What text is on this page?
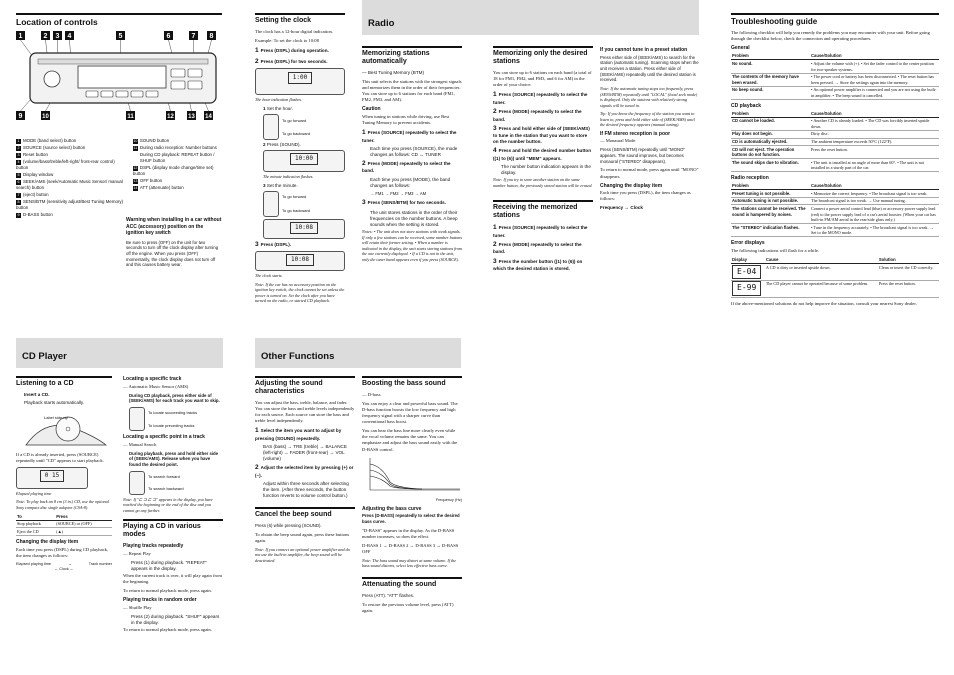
Location of controls
1	2 3 4	5	6	7 8
9	10	11	12 13 14
1 MODE (band select) button
2 SOURCE (source select) button
3 Reset button
4 (volume/bass/treble/left-right/ front-rear control) button
5 Display window
6 SEEK/AMS (seek/Automatic Music Sensor/ manual search) button
7 (eject) button
8 SENS/BTM (sensitivity adjust/Best Tuning Memory) button
9 D-BASS button
10 SOUND button
11 During radio reception: Number buttons
During CD playback: REPEAT button / SHUF button
12 DSPL (display mode change/time set) button
13 OFF button
14 ATT (attenuate) button
Setting the clock

The clock has a 12-hour digital indication.

Example: To set the clock to 10:08

1 Press (DSPL) during operation.
2 Press (DSPL) for two seconds.
1:00

The hour indication flashes.

1 Set the hour.
To go forward
To go backward
2 Press (SOUND).
10:00

The minute indication flashes.

3 Set the minute.
To go forward
To go backward
10:08
3 Press (DSPL).
10:08

The clock starts.

Note: If the car has no accessory position on the ignition key switch, the clock cannot be set unless the power is turned on. Set the clock after you have turned on the radio, or started CD playback.

Warning when installing in a car without ACC (accessory) position on the ignition key switch

Be sure to press (OFF) on the unit for two seconds to turn off the clock display after turning off the engine. When you press (OFF) momentarily, the clock display does not turn off and this causes battery wear.

Radio
Memorizing stations automatically

— Best Tuning Memory (BTM)

This unit selects the stations with the strongest signals and memorizes them in the order of their frequencies. You can store up to 6 stations for each band (FM1, FM2, FM3, and AM).

Caution

When tuning in stations while driving, use Best Tuning Memory to prevent accidents.

1 Press (SOURCE) repeatedly to select the tuner.

Each time you press (SOURCE), the mode changes as follows: CD ↔ TUNER

2 Press (MODE) repeatedly to select the band.

Each time you press (MODE), the band changes as follows:

→ FM1 → FM2 → FM3 → AM
3 Press (SENS/BTM) for two seconds.

The unit stores stations in the order of their frequencies on the number buttons. A beep sounds when the setting is stored.

Notes: • The unit does not store stations with weak signals. If only a few stations can be received, some number buttons will retain their former setting. • When a number is indicated in the display, the unit starts storing stations from the one currently displayed. • If a CD is not in the unit, only the tuner band appears even if you press (SOURCE).

Memorizing only the desired stations

You can store up to 6 stations on each band (a total of 18 for FM1, FM2, and FM3, and 6 for AM) in the order of your choice.

1 Press (SOURCE) repeatedly to select the tuner.
2 Press (MODE) repeatedly to select the band.
3 Press and hold either side of (SEEK/AMS) to tune in the station that you want to store on the number button.
4 Press and hold the desired number button ((1) to (6)) until "MEM" appears.

The number button indication appears in the display.

Note: If you try to store another station on the same number button, the previously stored station will be erased.

Receiving the memorized stations
1 Press (SOURCE) repeatedly to select the tuner.
2 Press (MODE) repeatedly to select the band.
3 Press the number button ((1) to (6)) on which the desired station is stored.
If you cannot tune in a preset station

Press either side of (SEEK/AMS) to search for the station (automatic tuning). Scanning stops when the unit receives a station. Press either side of (SEEK/AMS) repeatedly until the desired station is received.

Note: If the automatic tuning stops too frequently, press (SENS/BTM) repeatedly until "LOCAL" (local seek mode) is displayed. Only the stations with relatively strong signals will be tuned in.

Tip: If you know the frequency of the station you want to listen to, press and hold either side of (SEEK/AMS) until the desired frequency appears (manual tuning).

If FM stereo reception is poor

— Monaural Mode

Press (SENS/BTM) repeatedly until "MONO" appears. The sound improves, but becomes monaural ("STEREO" disappears).

To return to normal mode, press again until "MONO" disappears.

Changing the display item

Each time you press (DSPL), the item changes as follows:

Frequency ↔ Clock

Troubleshooting guide

The following checklist will help you remedy the problems you may encounter with your unit. Before going through the checklist below, check the connection and operating procedures.

General
Problem	Cause/Solution
No sound.	• Adjust the volume with (+). • Set the fader control to the center position for two-speaker systems.
The contents of the memory have been erased.	• The power cord or battery has been disconnected. • The reset button has been pressed. → Store the settings again into the memory.
No beep sound.	• An optional power amplifier is connected and you are not using the built-in amplifier. • The beep sound is cancelled.
CD playback
Problem	Cause/Solution
CD cannot be loaded.	• Another CD is already loaded. • The CD was forcibly inserted upside down.
Play does not begin.	Dirty disc.
CD is automatically ejected.	The ambient temperature exceeds 50°C (122°F).
CD will not eject. The operation buttons do not function.	Press the reset button.
The sound skips due to vibration.	• The unit is installed at an angle of more than 60°. • The unit is not installed in a sturdy part of the car.
Radio reception
Problem	Cause/Solution
Preset tuning is not possible.	• Memorize the correct frequency. • The broadcast signal is too weak.
Automatic tuning is not possible.	The broadcast signal is too weak. → Use manual tuning.
The stations cannot be received. The sound is hampered by noises.	Connect a power aerial control lead (blue) or accessory power supply lead (red) to the power supply lead of a car's aerial booster. (When your car has built-in FM/AM aerial in the rear/side glass only.)
The "STEREO" indication flashes.	• Tune in the frequency accurately. • The broadcast signal is too weak. → Set to the MONO mode.
Error displays

The following indications will flash for a while.

Display	Cause	Solution
E-04	A CD is dirty or inserted upside down.	Clean or insert the CD correctly.
E-99	The CD player cannot be operated because of some problem.	Press the reset button.

If the above-mentioned solutions do not help improve the situation, consult your nearest Sony dealer.

CD Player
Listening to a CD
Insert a CD.

Playback starts automatically.

Label side up

If a CD is already inserted, press (SOURCE) repeatedly until "CD" appears to start playback.

0 15

Elapsed playing time

Note: To play back an 8 cm (3 in.) CD, use the optional Sony compact disc single adaptor (CSA-8).

To	Press
Stop playback	(SOURCE) or (OFF)
Eject the CD	(▲)
Changing the display item

Each time you press (DSPL) during CD playback, the item changes as follows:

Elapsed playing time	→	Track number
← Clock ←
Locating a specific track

— Automatic Music Sensor (AMS)

During CD playback, press either side of (SEEK/AMS) for each track you want to skip.

To locate succeeding tracks
To locate preceding tracks
Locating a specific point in a track

— Manual Search

During playback, press and hold either side of (SEEK/AMS). Release when you have found the desired point.

To search forward
To search backward

Note: If "⊏ ⊐ ⊏ ⊐" appears in the display, you have reached the beginning or the end of the disc and you cannot go any further.

Playing a CD in various modes
Playing tracks repeatedly

— Repeat Play

Press (1) during playback. "REPEAT" appears in the display.

When the current track is over, it will play again from the beginning.

To return to normal playback mode, press again.

Playing tracks in random order

— Shuffle Play

Press (2) during playback. "SHUF" appears in the display.

To return to normal playback mode, press again.

Other Functions
Adjusting the sound characteristics

You can adjust the bass, treble, balance, and fader. You can store the bass and treble levels independently for each source. Each source can store the bass and treble level independently.

1 Select the item you want to adjust by pressing (SOUND) repeatedly.

BAS (bass) → TRE (treble) → BALANCE (left-right) → FADER (front-rear) → VOL (volume)

2 Adjust the selected item by pressing (+) or (–).

Adjust within three seconds after selecting the item. (After three seconds, the button function reverts to volume control button.)

Cancel the beep sound

Press (6) while pressing (SOUND).

To obtain the beep sound again, press these buttons again.

Note: If you connect an optional power amplifier and do not use the built-in amplifier, the beep sound will be deactivated.

Boosting the bass sound

— D-bass

You can enjoy a clear and powerful bass sound. The D-bass function boosts the low frequency and high frequency signal with a sharper curve than conventional bass boost.

You can hear the bass line more clearly even while the vocal volume remains the same. You can emphasize and adjust the bass sound easily with the D-BASS control.

Frequency (Hz)

Adjusting the bass curve

Press (D-BASS) repeatedly to select the desired bass curve.

"D-BASS" appears in the display. As the D-BASS number increases, so does the effect.

D-BASS 1 → D-BASS 2 → D-BASS 3 → D-BASS OFF

Note: The bass sound may distort at same volume. If the bass sound distorts, select less effective bass curve.

Attenuating the sound

Press (ATT). "ATT" flashes.

To restore the previous volume level, press (ATT) again.
